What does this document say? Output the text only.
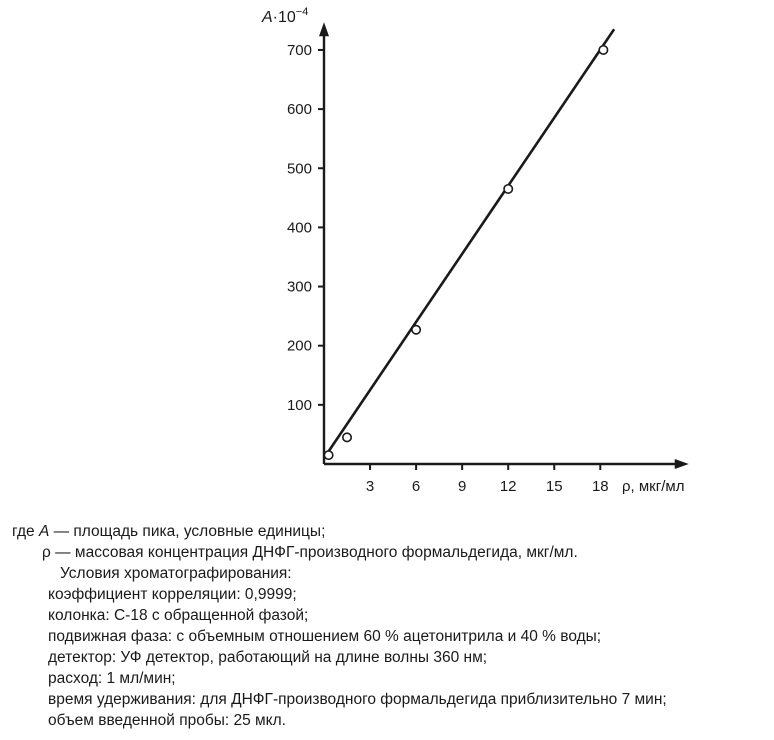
100
200
300
400
500
600
700
3	6	9 12 15 18
$A\cdot 10^{-4}$
ρ, мкг/мл
где A — площадь пика, условные единицы;
ρ — массовая концентрация ДНФГ-производного формальдегида, мкг/мл.
Условия хроматографирования:
коэффициент корреляции: 0,9999;
колонка: С-18 с обращенной фазой;
подвижная фаза: с объемным отношением 60 % ацетонитрила и 40 % воды;
детектор: УФ детектор, работающий на длине волны 360 нм;
расход: 1 мл/мин;
время удерживания: для ДНФГ-производного формальдегида приблизительно 7 мин;
объем введенной пробы: 25 мкл.
